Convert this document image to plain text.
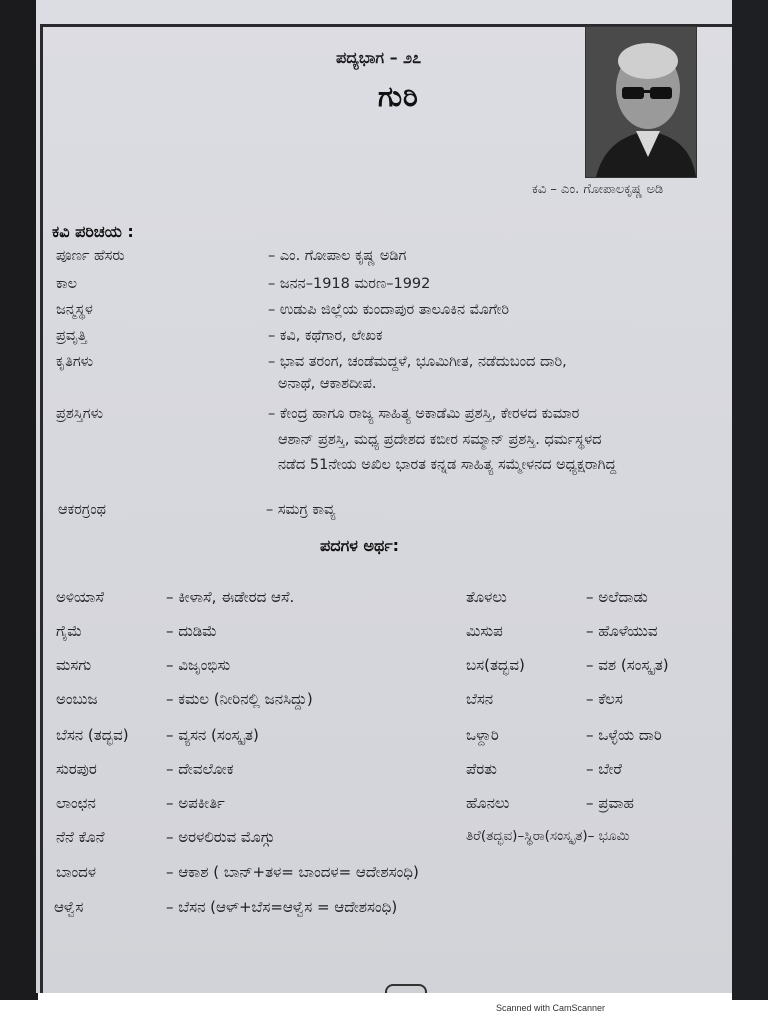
ಪದ್ಯಭಾಗ – ೨೭
ಗುರಿ
ಕವಿ – ಎಂ. ಗೋಪಾಲಕೃಷ್ಣ ಅಡಿ
ಕವಿ ಪರಿಚಯ :
ಪೂರ್ಣ ಹೆಸರು	– ಎಂ. ಗೋಪಾಲ ಕೃಷ್ಣ ಅಡಿಗ
ಕಾಲ	– ಜನನ–1918 ಮರಣ–1992
ಜನ್ಮಸ್ಥಳ	– ಉಡುಪಿ ಜಿಲ್ಲೆಯ ಕುಂದಾಪುರ ತಾಲೂಕಿನ ಮೊಗೇರಿ
ಪ್ರವೃತ್ತಿ	– ಕವಿ, ಕಥೆಗಾರ, ಲೇಖಕ
ಕೃತಿಗಳು	– ಭಾವ ತರಂಗ, ಚಂಡೆಮದ್ದಳೆ, ಭೂಮಿಗೀತ, ನಡೆದುಬಂದ ದಾರಿ,
ಅನಾಥೆ, ಆಕಾಶದೀಪ.
ಪ್ರಶಸ್ತಿಗಳು	– ಕೇಂದ್ರ ಹಾಗೂ ರಾಜ್ಯ ಸಾಹಿತ್ಯ ಅಕಾಡೆಮಿ ಪ್ರಶಸ್ತಿ, ಕೇರಳದ ಕುಮಾರ
ಆಶಾನ್ ಪ್ರಶಸ್ತಿ, ಮಧ್ಯ ಪ್ರದೇಶದ ಕಬೀರ ಸಮ್ಮಾನ್ ಪ್ರಶಸ್ತಿ. ಧರ್ಮಸ್ಥಳದ
ನಡೆದ 51ನೇಯ ಅಖಿಲ ಭಾರತ ಕನ್ನಡ ಸಾಹಿತ್ಯ ಸಮ್ಮೇಳನದ ಅಧ್ಯಕ್ಷರಾಗಿದ್ದ
ಆಕರಗ್ರಂಥ	– ಸಮಗ್ರ ಕಾವ್ಯ
ಪದಗಳ ಅರ್ಥ:
ಅಳಿಯಾಸೆ	– ಕೀಳಾಸೆ, ಈಡೇರದ ಆಸೆ.
ಗೈಮೆ	– ದುಡಿಮೆ
ಮಸಗು	– ವಿಜೃಂಭಿಸು
ಅಂಬುಜ	– ಕಮಲ (ನೀರಿನಲ್ಲಿ ಜನಸಿದ್ದು)
ಬೆಸನ (ತದ್ಭವ) – ವ್ಯಸನ (ಸಂಸ್ಕೃತ)
ಸುರಪುರ	– ದೇವಲೋಕ
ಲಾಂಛನ	– ಅಪಕೀರ್ತಿ
ನೆನೆ ಕೊನೆ	– ಅರಳಲಿರುವ ಮೊಗ್ಗು
ಬಾಂದಳ	– ಆಕಾಶ ( ಬಾನ್+ತಳ= ಬಾಂದಳ= ಆದೇಶಸಂಧಿ)
ಆಳ್ವೆಸ	– ಬೆಸನ (ಆಳ್+ಬೆಸ=ಆಳ್ವೆಸ = ಆದೇಶಸಂಧಿ)
ತೊಳಲು	– ಅಲೆದಾಡು
ಮಿಸುಪ	– ಹೊಳೆಯುವ
ಬಸ(ತದ್ಭವ)	– ವಶ (ಸಂಸ್ಕೃತ)
ಬೆಸನ	– ಕೆಲಸ
ಒಳ್ದಾರಿ	– ಒಳ್ಳೆಯ ದಾರಿ
ಪೆರತು	– ಬೇರೆ
ಹೊನಲು	– ಪ್ರವಾಹ
ತಿರೆ(ತದ್ಭವ)–ಸ್ಥಿರಾ(ಸಂಸ್ಕೃತ)– ಭೂಮಿ
Scanned with CamScanner
